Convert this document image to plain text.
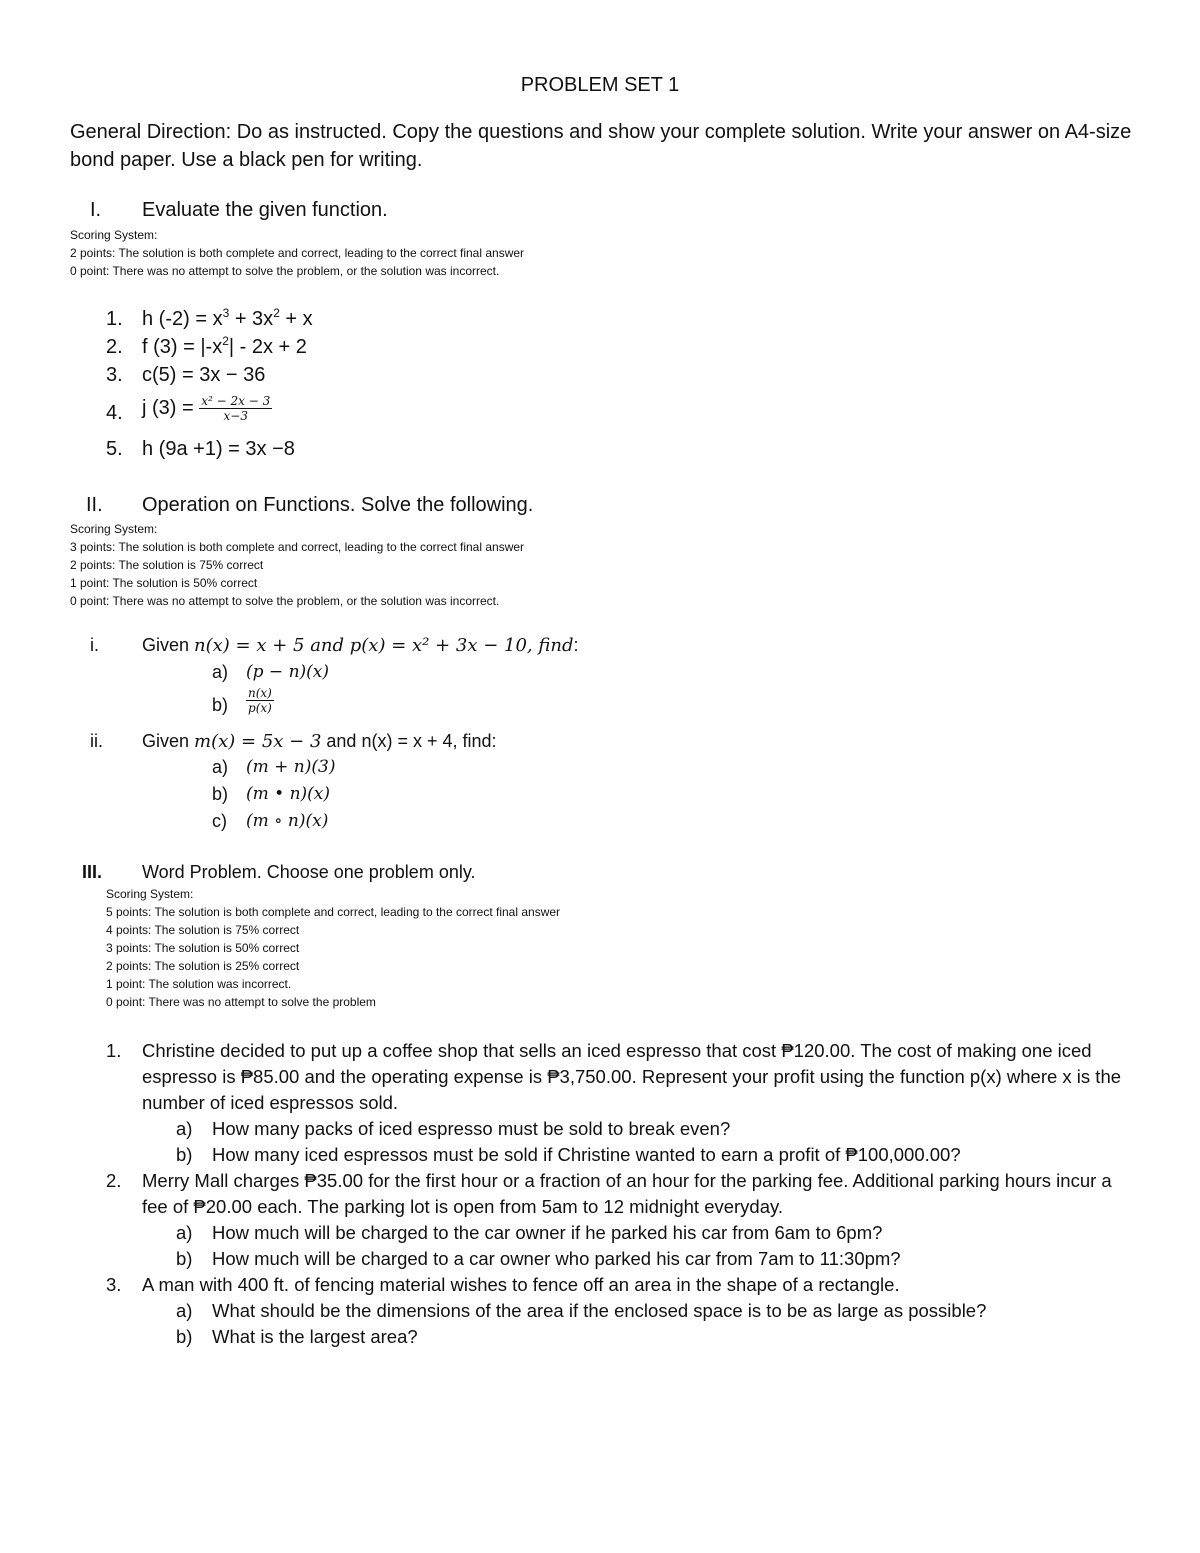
PROBLEM SET 1
General Direction: Do as instructed. Copy the questions and show your complete solution. Write your answer on A4-size bond paper. Use a black pen for writing.
I. Evaluate the given function.
Scoring System:
2 points: The solution is both complete and correct, leading to the correct final answer
0 point: There was no attempt to solve the problem, or the solution was incorrect.
1. h $(-2) = x^3 + 3x^2 + x$
2. f $(3) = |-x^2| - 2x + 2$
3. c(5) = 3x − 36
4. j $(3) = \frac{\text{x² − 2x − 3}}{x-3}$
5. h (9a +1) = 3x −8
II. Operation on Functions. Solve the following.
Scoring System:
3 points: The solution is both complete and correct, leading to the correct final answer
2 points: The solution is 75% correct
1 point: The solution is 50% correct
0 point: There was no attempt to solve the problem, or the solution was incorrect.
i. Given n(x) = x + 5 and p(x) = x² + 3x − 10, find:
a) (p − n)(x)
$b) \frac{n(x)}{p(x)}$
ii. Given m(x) = 5x − 3 and n(x) = x + 4, find:
a) (m + n)(3)
b) (m • n)(x)
c) (m ∘ n)(x)
III. Word Problem. Choose one problem only.
Scoring System:
5 points: The solution is both complete and correct, leading to the correct final answer
4 points: The solution is 75% correct
3 points: The solution is 50% correct
2 points: The solution is 25% correct
1 point: The solution was incorrect.
0 point: There was no attempt to solve the problem
1. Christine decided to put up a coffee shop that sells an iced espresso that cost ₱120.00. The cost of making one iced espresso is ₱85.00 and the operating expense is ₱3,750.00. Represent your profit using the function p(x) where x is the number of iced espressos sold.
a) How many packs of iced espresso must be sold to break even?
b) How many iced espressos must be sold if Christine wanted to earn a profit of ₱100,000.00?
2. Merry Mall charges ₱35.00 for the first hour or a fraction of an hour for the parking fee. Additional parking hours incur a fee of ₱20.00 each. The parking lot is open from 5am to 12 midnight everyday.
a) How much will be charged to the car owner if he parked his car from 6am to 6pm?
b) How much will be charged to a car owner who parked his car from 7am to 11:30pm?
3. A man with 400 ft. of fencing material wishes to fence off an area in the shape of a rectangle.
a) What should be the dimensions of the area if the enclosed space is to be as large as possible?
b) What is the largest area?
